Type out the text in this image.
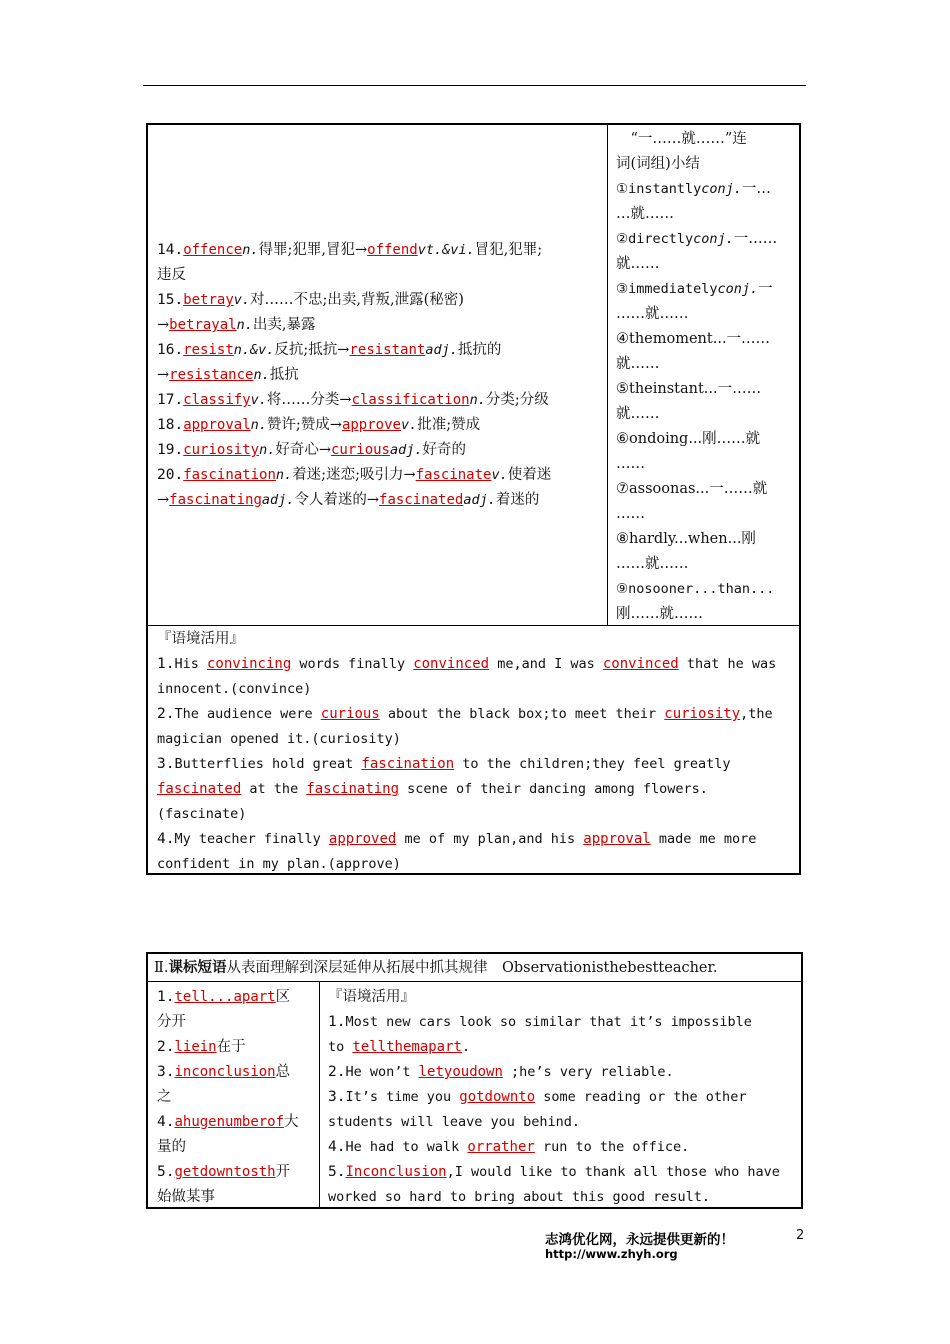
14.offencen.得罪;犯罪,冒犯→offendvt.&vi.冒犯,犯罪;
违反
15.betrayv.对……不忠;出卖,背叛,泄露(秘密)
→betrayaln.出卖,暴露
16.resistn.&v.反抗;抵抗→resistantadj.抵抗的
→resistancen.抵抗
17.classifyv.将……分类→classificationn.分类;分级
18.approvaln.赞许;赞成→approvev.批准;赞成
19.curiosityn.好奇心→curiousadj.好奇的
20.fascinationn.着迷;迷恋;吸引力→fascinatev.使着迷
→fascinatingadj.令人着迷的→fascinatedadj.着迷的
　“一……就……”连
词(词组)小结
①instantlyconj.一…
…就……
②directlyconj.一……
就……
③immediatelyconj.一
……就……
④themoment...一……
就……
⑤theinstant...一……
就……
⑥ondoing...刚……就
……
⑦assoonas...一……就
……
⑧hardly...when...刚
……就……
⑨nosooner...than...
刚……就……
『语境活用』
1.His convincing words finally convinced me,and I was convinced that he was
innocent.(convince)
2.The audience were curious about the black box;to meet their curiosity,the
magician opened it.(curiosity)
3.Butterflies hold great fascination to the children;they feel greatly
fascinated at the fascinating scene of their dancing among flowers.
(fascinate)
4.My teacher finally approved me of my plan,and his approval made me more
confident in my plan.(approve)
Ⅱ.课标短语从表面理解到深层延伸从拓展中抓其规律　Observationisthebestteacher.
1.tell...apart区
分开
2.liein在于
3.inconclusion总
之
4.ahugenumberof大
量的
5.getdowntosth开
始做某事
『语境活用』
1.Most new cars look so similar that it’s impossible
to tellthemapart.
2.He won’t letyoudown ;he’s very reliable.
3.It’s time you gotdownto some reading or the other
students will leave you behind.
4.He had to walk orrather run to the office.
5.Inconclusion,I would like to thank all those who have
worked so hard to bring about this good result.
志鸿优化网，永远提供更新的！
http://www.zhyh.org
2
